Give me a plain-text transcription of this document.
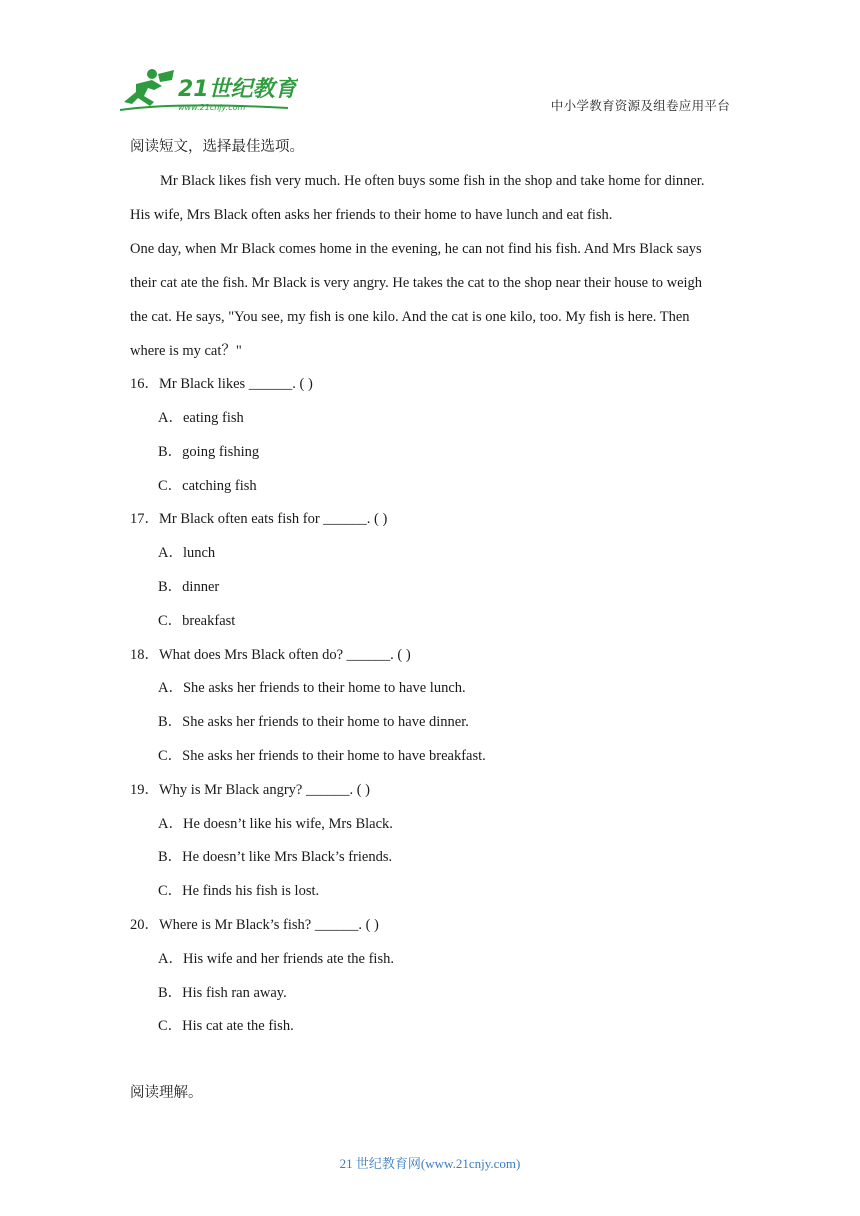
21世纪教育
www.21cnjy.com	中小学教育资源及组卷应用平台
阅读短文，选择最佳选项。
Mr Black likes fish very much. He often buys some fish in the shop and take home for dinner.
His wife, Mrs Black often asks her friends to their home to have lunch and eat fish.
One day, when Mr Black comes home in the evening, he can not find his fish. And Mrs Black says
their cat ate the fish. Mr Black is very angry. He takes the cat to the shop near their house to weigh
the cat. He says, "You see, my fish is one kilo. And the cat is one kilo, too. My fish is here. Then
where is my cat？"
16．Mr Black likes ______. ( )
A．eating fish
B．going fishing
C．catching fish
17．Mr Black often eats fish for ______. ( )
A．lunch
B．dinner
C．breakfast
18．What does Mrs Black often do? ______. ( )
A．She asks her friends to their home to have lunch.
B．She asks her friends to their home to have dinner.
C．She asks her friends to their home to have breakfast.
19．Why is Mr Black angry? ______. ( )
A．He doesn’t like his wife, Mrs Black.
B．He doesn’t like Mrs Black’s friends.
C．He finds his fish is lost.
20．Where is Mr Black’s fish? ______. ( )
A．His wife and her friends ate the fish.
B．His fish ran away.
C．His cat ate the fish.
阅读理解。
21 世纪教育网(www.21cnjy.com)
